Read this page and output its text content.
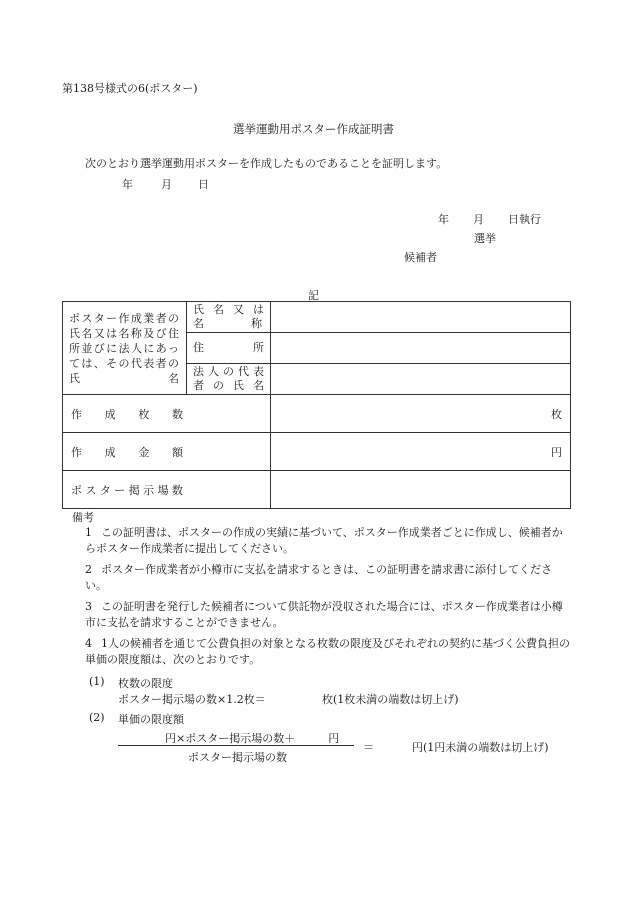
第138号様式の6(ポスター)
選挙運動用ポスター作成証明書
次のとおり選挙運動用ポスターを作成したものであることを証明します。
年	月 日
年 月 日執行
選挙
候補者
記
ポスター作成業者の氏名又は名称及び住所並びに法人にあっては、その代表者の氏名	氏名又は
名称	

	住所	

	法人の代表
者の氏名	

作成枚数		枚

作成金額		円

ポスター掲示場数		

備考
1 この証明書は、ポスターの作成の実績に基づいて、ポスター作成業者ごとに作成し、候補者からポスター作成業者に提出してください。
2 ポスター作成業者が小樽市に支払を請求するときは、この証明書を請求書に添付してください。
3 この証明書を発行した候補者について供託物が没収された場合には、ポスター作成業者は小樽市に支払を請求することができません。
4 1人の候補者を通じて公費負担の対象となる枚数の限度及びそれぞれの契約に基づく公費負担の単価の限度額は、次のとおりです。
(1) 枚数の限度
ポスター掲示場の数×1.2枚＝	枚(1枚未満の端数は切上げ)
(2) 単価の限度額
円×ポスター掲示場の数＋　　　円
ポスター掲示場の数
＝	円(1円未満の端数は切上げ)
